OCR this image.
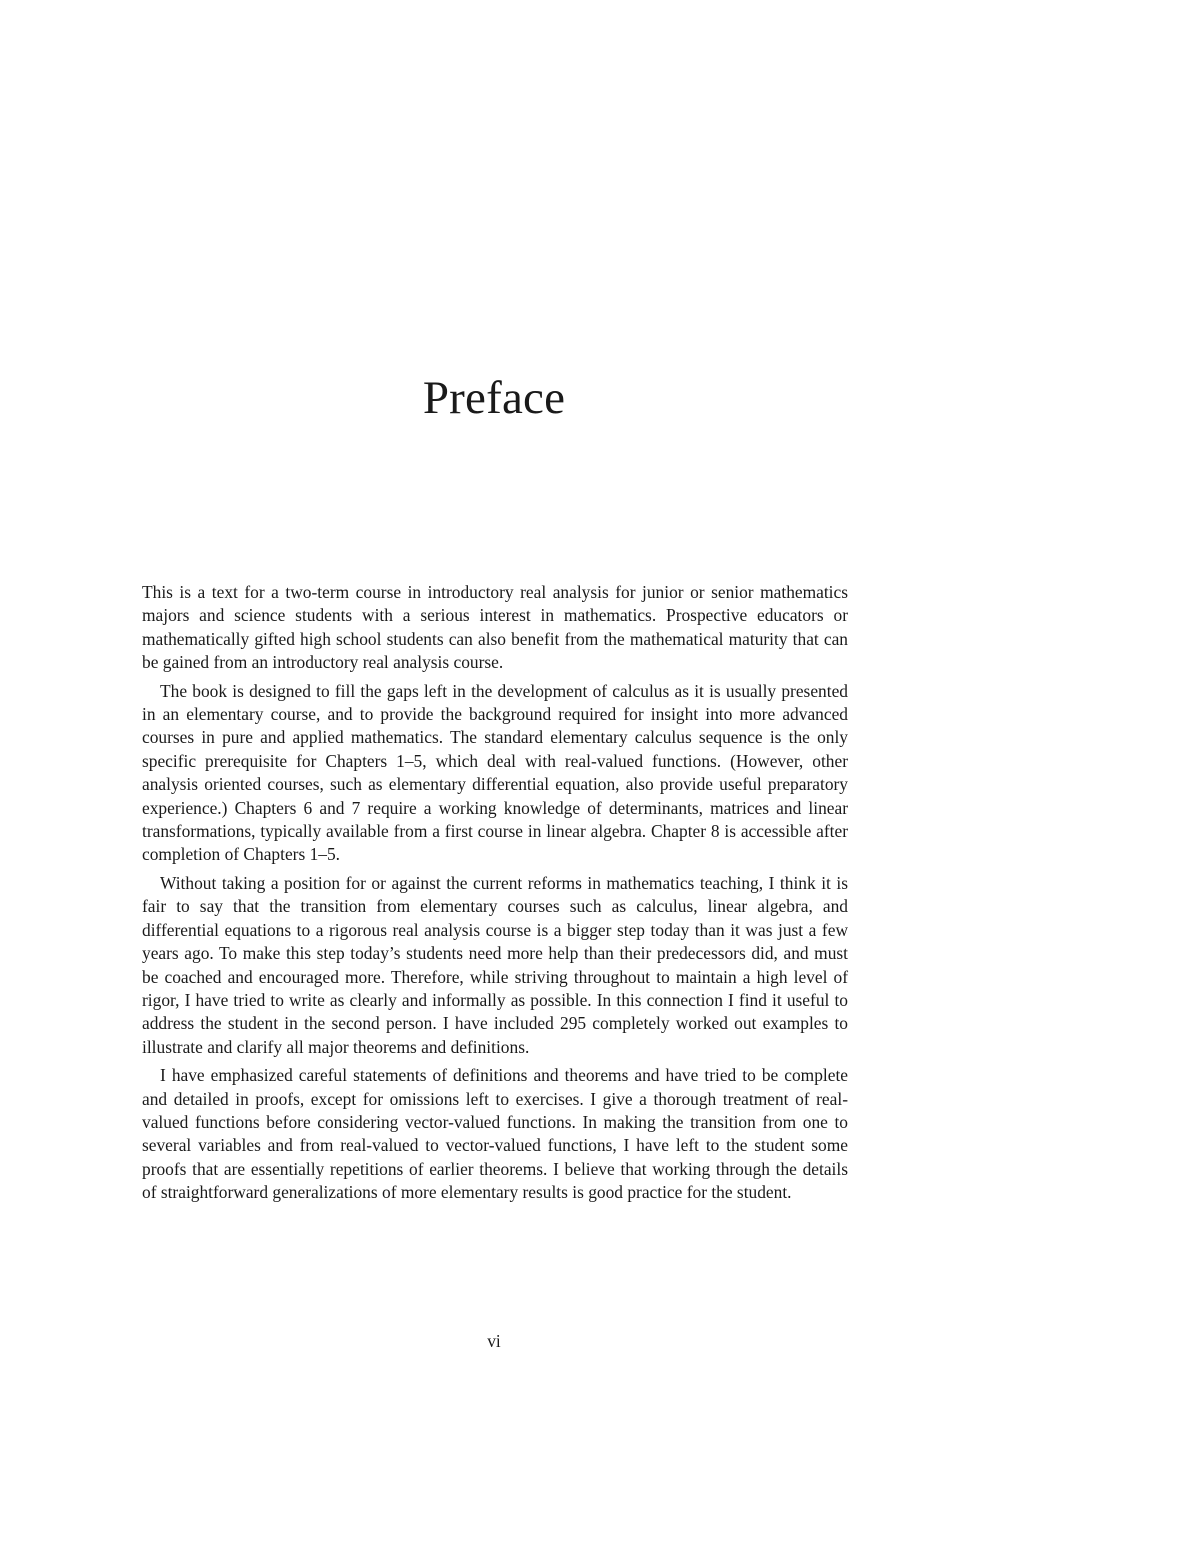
Preface

This is a text for a two-term course in introductory real analysis for junior or senior mathematics majors and science students with a serious interest in mathematics. Prospective educators or mathematically gifted high school students can also benefit from the mathematical maturity that can be gained from an introductory real analysis course.

The book is designed to fill the gaps left in the development of calculus as it is usually presented in an elementary course, and to provide the background required for insight into more advanced courses in pure and applied mathematics. The standard elementary calculus sequence is the only specific prerequisite for Chapters 1–5, which deal with real-valued functions. (However, other analysis oriented courses, such as elementary differential equation, also provide useful preparatory experience.) Chapters 6 and 7 require a working knowledge of determinants, matrices and linear transformations, typically available from a first course in linear algebra. Chapter 8 is accessible after completion of Chapters 1–5.

Without taking a position for or against the current reforms in mathematics teaching, I think it is fair to say that the transition from elementary courses such as calculus, linear algebra, and differential equations to a rigorous real analysis course is a bigger step today than it was just a few years ago. To make this step today’s students need more help than their predecessors did, and must be coached and encouraged more. Therefore, while striving throughout to maintain a high level of rigor, I have tried to write as clearly and informally as possible. In this connection I find it useful to address the student in the second person. I have included 295 completely worked out examples to illustrate and clarify all major theorems and definitions.

I have emphasized careful statements of definitions and theorems and have tried to be complete and detailed in proofs, except for omissions left to exercises. I give a thorough treatment of real-valued functions before considering vector-valued functions. In making the transition from one to several variables and from real-valued to vector-valued functions, I have left to the student some proofs that are essentially repetitions of earlier theorems. I believe that working through the details of straightforward generalizations of more elementary results is good practice for the student.

vi
